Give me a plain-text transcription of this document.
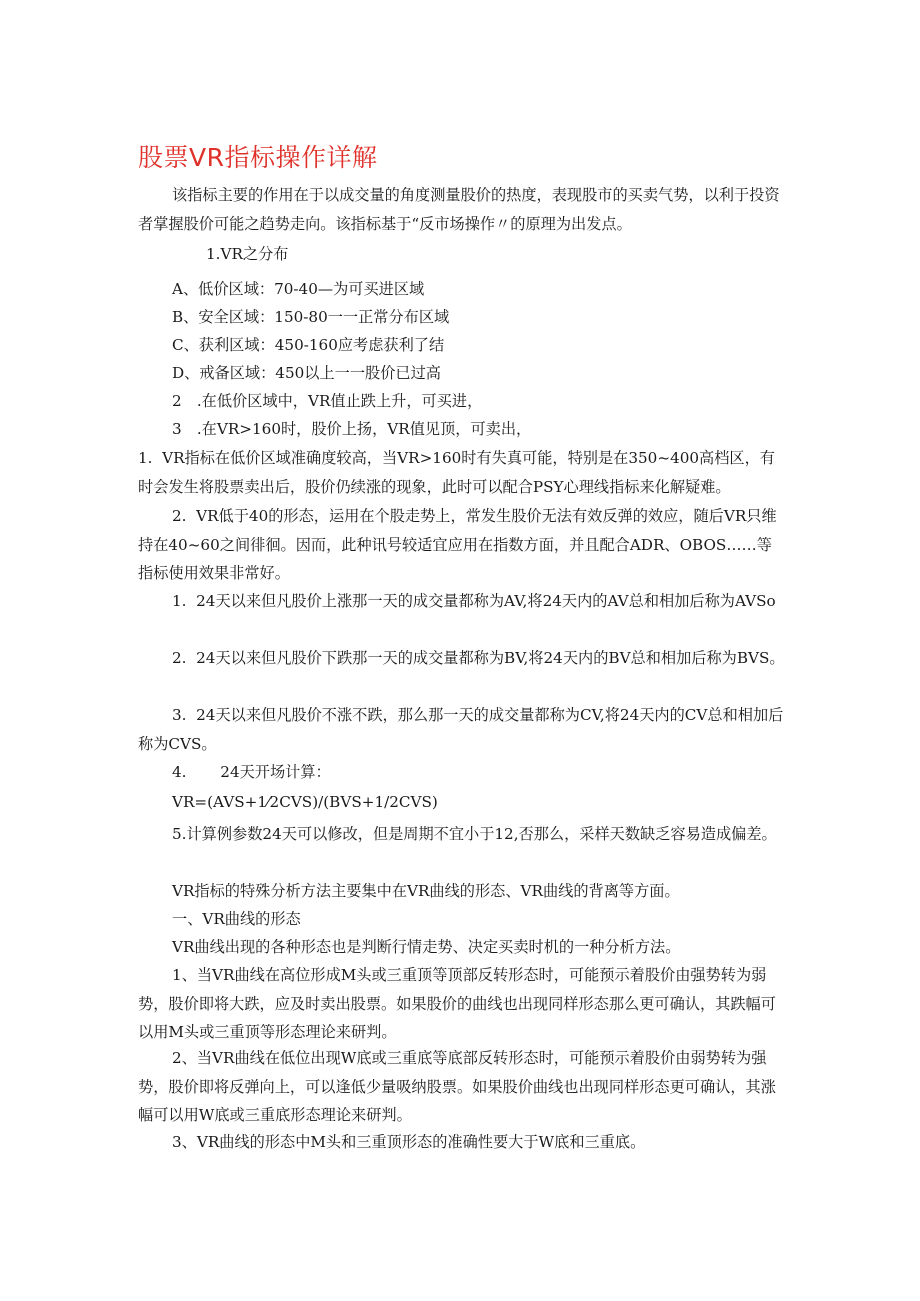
股票VR指标操作详解
该指标主要的作用在于以成交量的角度测量股价的热度，表现股市的买卖气势，以利于投资者掌握股价可能之趋势走向。该指标基于“反市场操作〃的原理为出发点。
1.VR之分布
A、低价区域：70-40—为可买进区域
B、安全区域：150-80一一正常分布区域
C、获利区域：450-160应考虑获利了结
D、戒备区域：450以上一一股价已过高
2　.在低价区域中，VR值止跌上升，可买进，
3　.在VR>160时，股价上扬，VR值见顶，可卖出，
1.  VR指标在低价区域准确度较高，当VR>160时有失真可能，特别是在350~400高档区，有时会发生将股票卖出后，股价仍续涨的现象，此时可以配合PSY心理线指标来化解疑难。
2.  VR低于40的形态，运用在个股走势上，常发生股价无法有效反弹的效应，随后VR只维持在40~60之间徘徊。因而，此种讯号较适宜应用在指数方面，并且配合ADR、OBOS……等指标使用效果非常好。
1.  24天以来但凡股价上涨那一天的成交量都称为AV,将24天内的AV总和相加后称为AVSo
2.  24天以来但凡股价下跌那一天的成交量都称为BV,将24天内的BV总和相加后称为BVS。
3.  24天以来但凡股价不涨不跌，那么那一天的成交量都称为CV,将24天内的CV总和相加后称为CVS。
4.       24天开场计算：
VR=(AVS+1⁄2CVS)/(BVS+1/2CVS)
5.计算例参数24天可以修改，但是周期不宜小于12,否那么，采样天数缺乏容易造成偏差。
VR指标的特殊分析方法主要集中在VR曲线的形态、VR曲线的背离等方面。
一、VR曲线的形态
VR曲线出现的各种形态也是判断行情走势、决定买卖时机的一种分析方法。
1、当VR曲线在高位形成M头或三重顶等顶部反转形态时，可能预示着股价由强势转为弱势，股价即将大跌，应及时卖出股票。如果股价的曲线也出现同样形态那么更可确认，其跌幅可以用M头或三重顶等形态理论来研判。
2、当VR曲线在低位出现W底或三重底等底部反转形态时，可能预示着股价由弱势转为强势，股价即将反弹向上，可以逢低少量吸纳股票。如果股价曲线也出现同样形态更可确认，其涨幅可以用W底或三重底形态理论来研判。
3、VR曲线的形态中M头和三重顶形态的准确性要大于W底和三重底。
